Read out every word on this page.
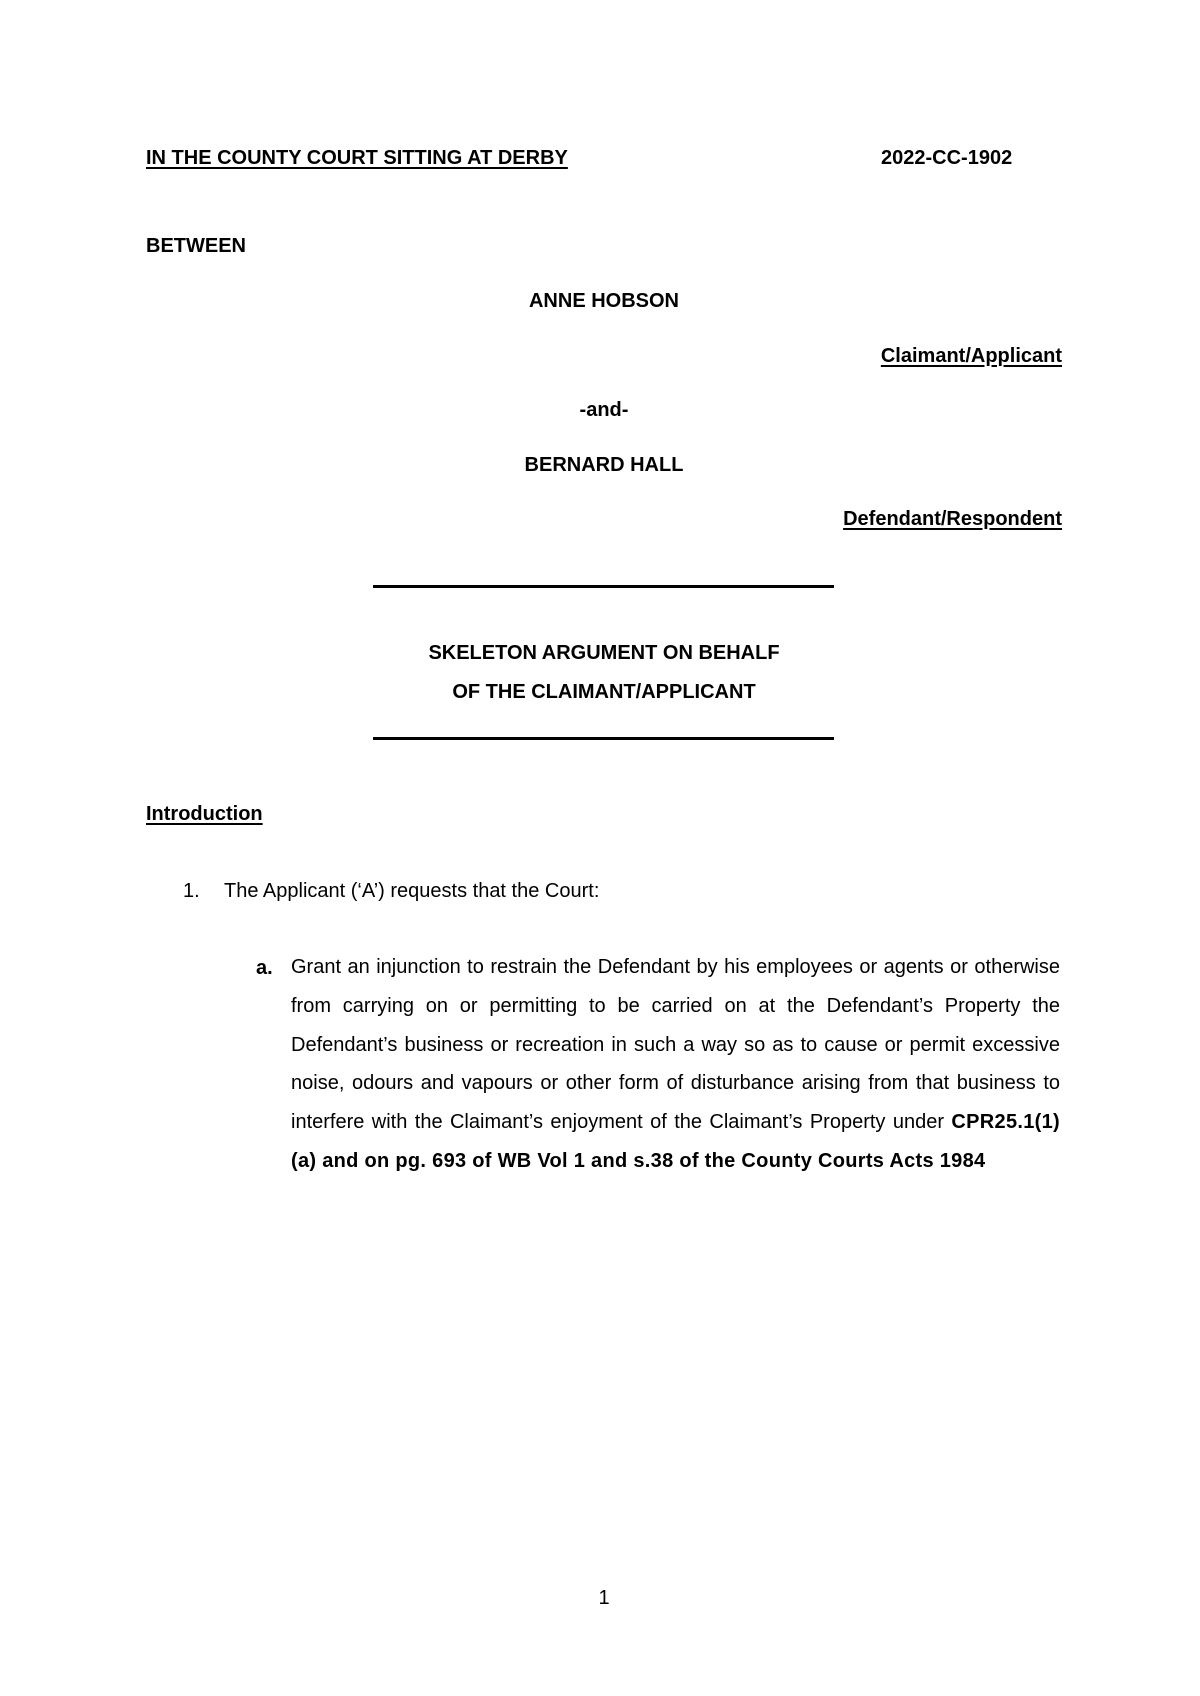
IN THE COUNTY COURT SITTING AT DERBY	2022-CC-1902
BETWEEN
ANNE HOBSON
Claimant/Applicant
-and-
BERNARD HALL
Defendant/Respondent
SKELETON ARGUMENT ON BEHALF
OF THE CLAIMANT/APPLICANT
Introduction
1. The Applicant (‘A’) requests that the Court:
a. Grant an injunction to restrain the Defendant by his employees or agents or otherwise from carrying on or permitting to be carried on at the Defendant’s Property the Defendant’s business or recreation in such a way so as to cause or permit excessive noise, odours and vapours or other form of disturbance arising from that business to interfere with the Claimant’s enjoyment of the Claimant’s Property under CPR25.1(1)(a) and on pg. 693 of WB Vol 1 and s.38 of the County Courts Acts 1984
1
